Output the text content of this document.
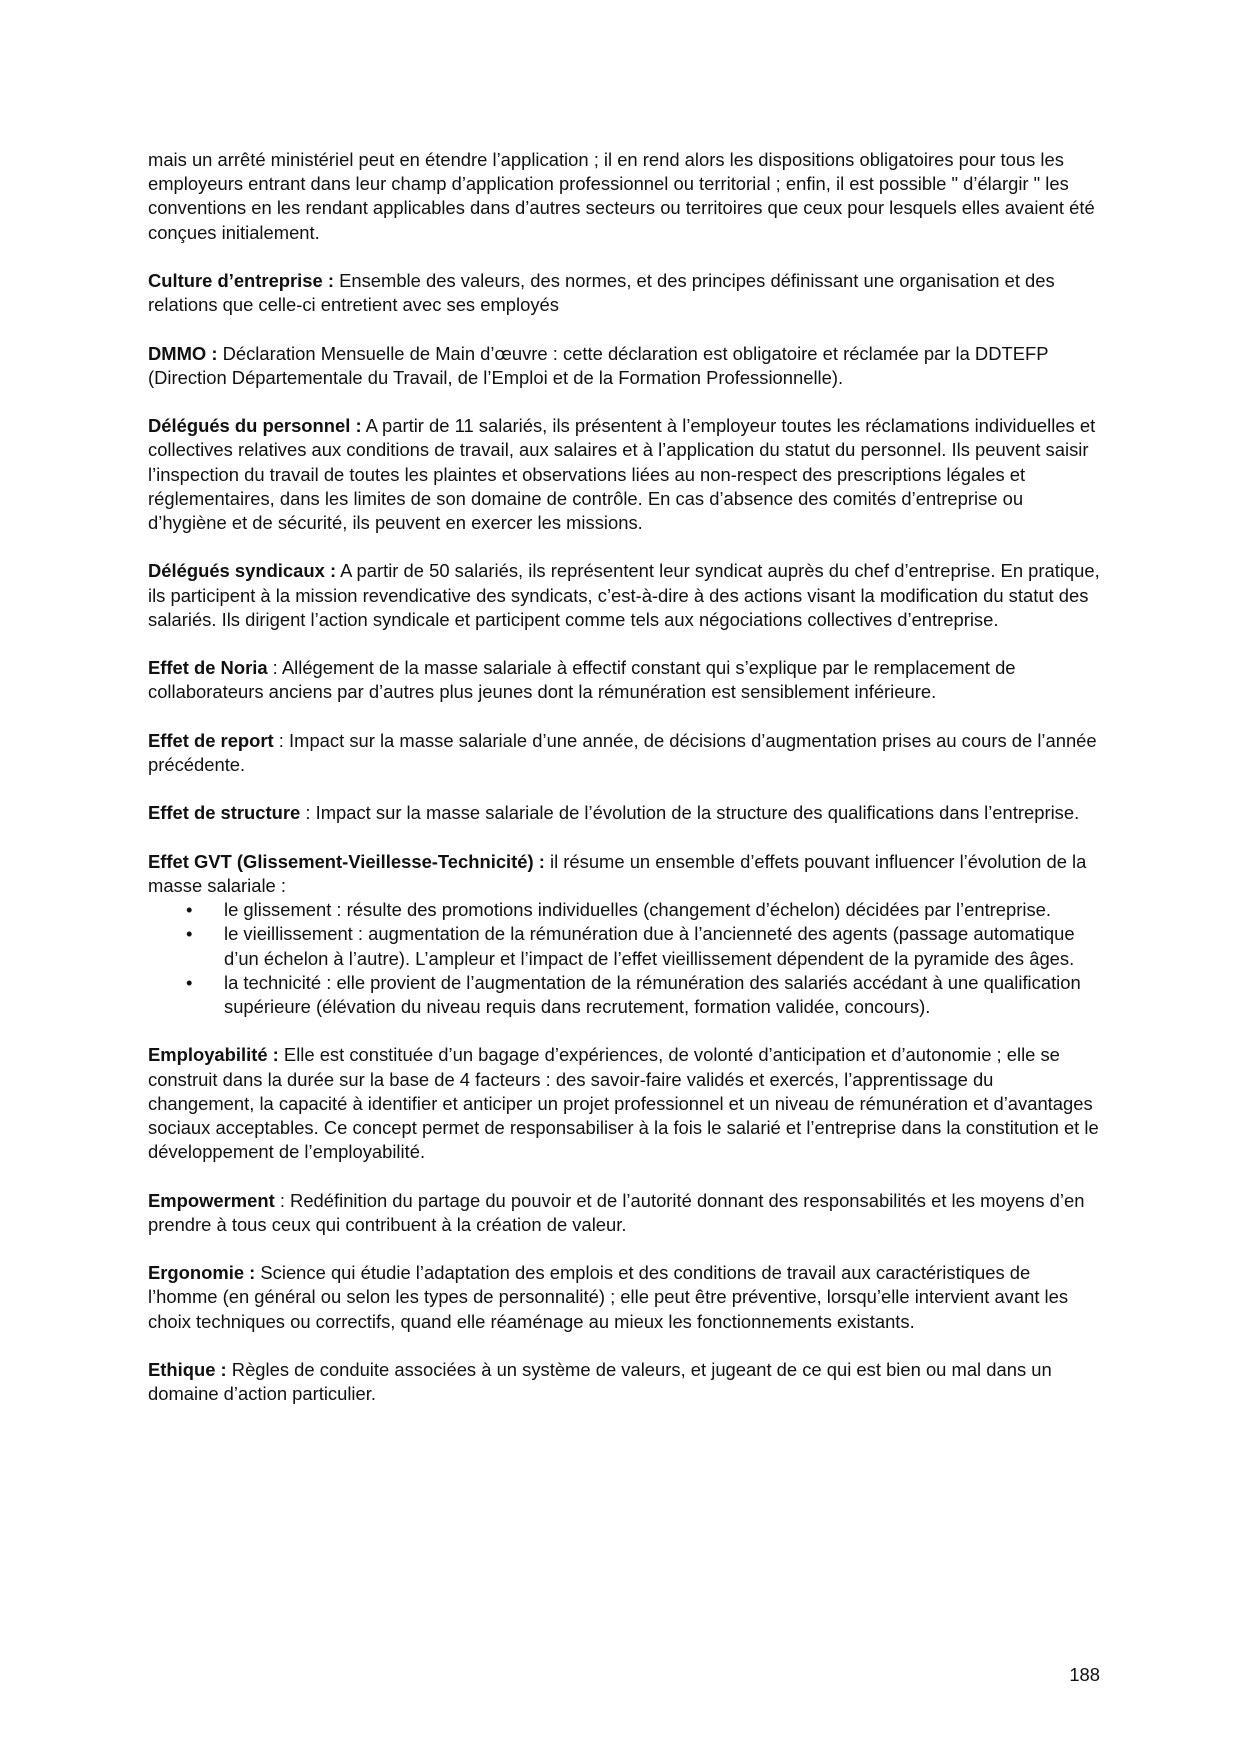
mais un arrêté ministériel peut en étendre l’application ; il en rend alors les dispositions obligatoires pour tous les employeurs entrant dans leur champ d’application professionnel ou territorial ; enfin, il est possible " d’élargir " les conventions en les rendant applicables dans d’autres secteurs ou territoires que ceux pour lesquels elles avaient été conçues initialement.

Culture d’entreprise : Ensemble des valeurs, des normes, et des principes définissant une organisation et des relations que celle-ci entretient avec ses employés

DMMO : Déclaration Mensuelle de Main d’œuvre : cette déclaration est obligatoire et réclamée par la DDTEFP (Direction Départementale du Travail, de l’Emploi et de la Formation Professionnelle).

Délégués du personnel : A partir de 11 salariés, ils présentent à l’employeur toutes les réclamations individuelles et collectives relatives aux conditions de travail, aux salaires et à l’application du statut du personnel. Ils peuvent saisir l’inspection du travail de toutes les plaintes et observations liées au non-respect des prescriptions légales et réglementaires, dans les limites de son domaine de contrôle. En cas d’absence des comités d’entreprise ou d’hygiène et de sécurité, ils peuvent en exercer les missions.

Délégués syndicaux : A partir de 50 salariés, ils représentent leur syndicat auprès du chef d’entreprise. En pratique, ils participent à la mission revendicative des syndicats, c’est-à-dire à des actions visant la modification du statut des salariés. Ils dirigent l’action syndicale et participent comme tels aux négociations collectives d’entreprise.

Effet de Noria : Allégement de la masse salariale à effectif constant qui s’explique par le remplacement de collaborateurs anciens par d’autres plus jeunes dont la rémunération est sensiblement inférieure.

Effet de report : Impact sur la masse salariale d’une année, de décisions d’augmentation prises au cours de l’année précédente.

Effet de structure : Impact sur la masse salariale de l’évolution de la structure des qualifications dans l’entreprise.

Effet GVT (Glissement-Vieillesse-Technicité) : il résume un ensemble d’effets pouvant influencer l’évolution de la masse salariale :
• le glissement : résulte des promotions individuelles (changement d’échelon) décidées par l’entreprise.
• le vieillissement : augmentation de la rémunération due à l’ancienneté des agents (passage automatique d’un échelon à l’autre). L’ampleur et l’impact de l’effet vieillissement dépendent de la pyramide des âges.
• la technicité : elle provient de l’augmentation de la rémunération des salariés accédant à une qualification supérieure (élévation du niveau requis dans recrutement, formation validée, concours).

Employabilité : Elle est constituée d’un bagage d’expériences, de volonté d’anticipation et d’autonomie ; elle se construit dans la durée sur la base de 4 facteurs : des savoir-faire validés et exercés, l’apprentissage du changement, la capacité à identifier et anticiper un projet professionnel et un niveau de rémunération et d’avantages sociaux acceptables. Ce concept permet de responsabiliser à la fois le salarié et l’entreprise dans la constitution et le développement de l’employabilité.

Empowerment : Redéfinition du partage du pouvoir et de l’autorité donnant des responsabilités et les moyens d’en prendre à tous ceux qui contribuent à la création de valeur.

Ergonomie : Science qui étudie l’adaptation des emplois et des conditions de travail aux caractéristiques de l’homme (en général ou selon les types de personnalité) ; elle peut être préventive, lorsqu’elle intervient avant les choix techniques ou correctifs, quand elle réaménage au mieux les fonctionnements existants.

Ethique : Règles de conduite associées à un système de valeurs, et jugeant de ce qui est bien ou mal dans un domaine d’action particulier.

188
